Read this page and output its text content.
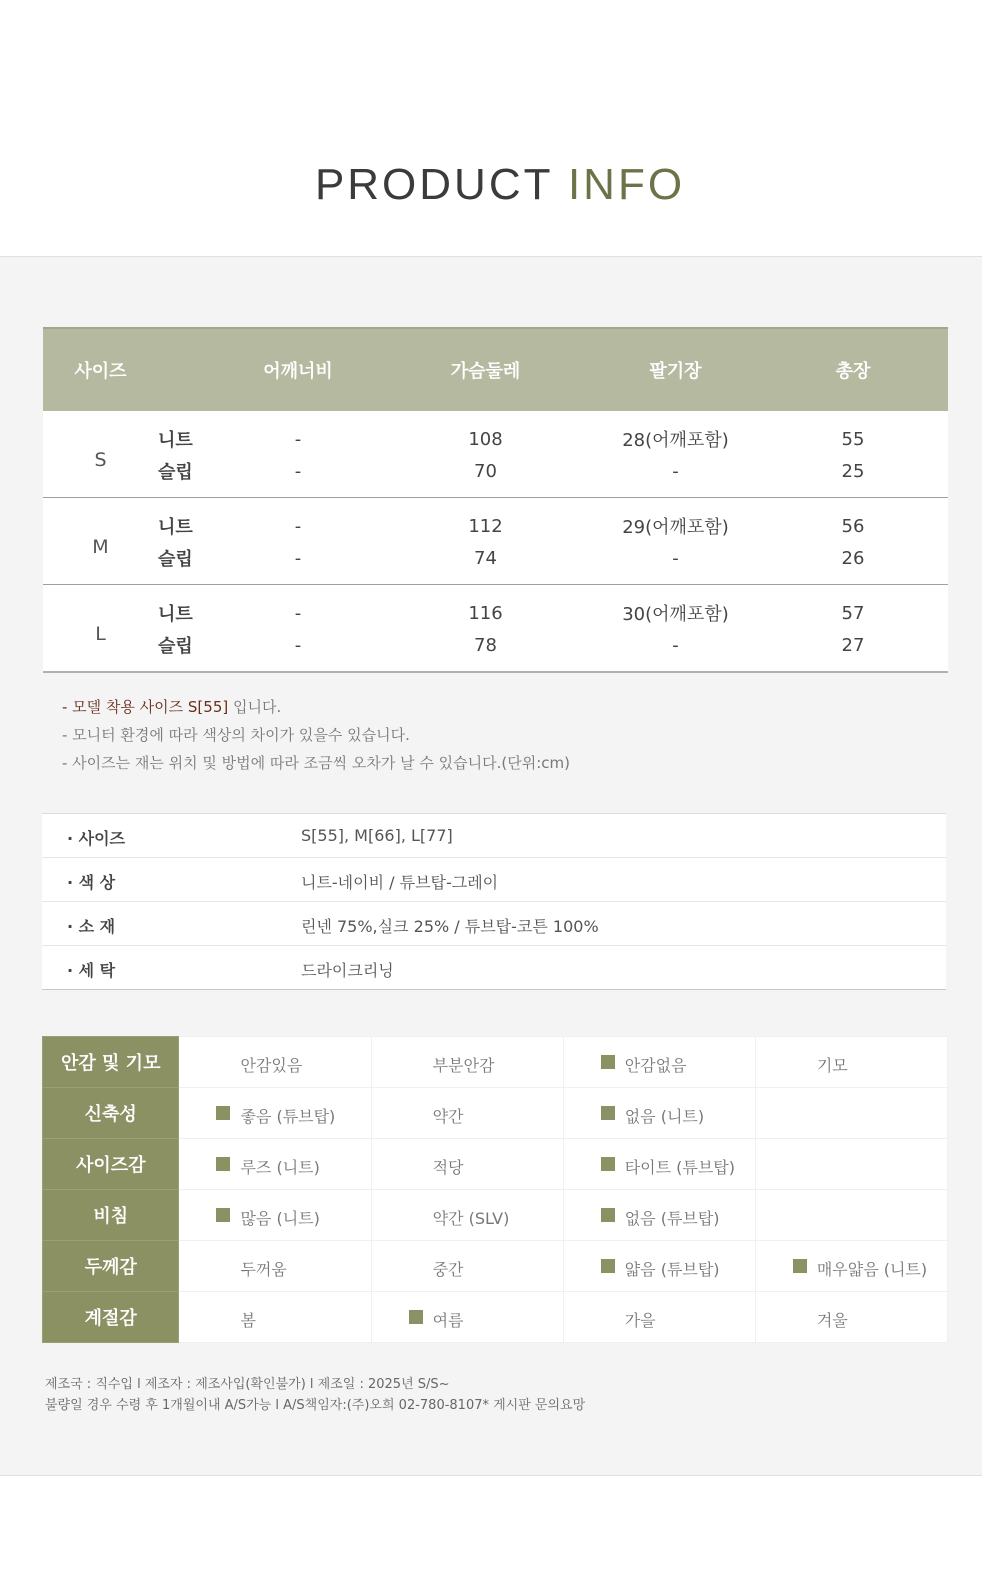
PRODUCT INFO
사이즈		어깨너비	가슴둘레	팔기장	총장
S	니트	-	108	28(어깨포함)	55
	슬립	-	70	-	25
M	니트	-	112	29(어깨포함)	56
	슬립	-	74	-	26
L	니트	-	116	30(어깨포함)	57
	슬립	-	78	-	27
- 모델 착용 사이즈 S[55] 입니다.
- 모니터 환경에 따라 색상의 차이가 있을수 있습니다.
- 사이즈는 재는 위치 및 방법에 따라 조금씩 오차가 날 수 있습니다.(단위:cm)
· 사이즈	S[55], M[66], L[77]
· 색 상	니트-네이비 / 튜브탑-그레이
· 소 재	린넨 75%,실크 25% / 튜브탑-코튼 100%
· 세 탁	드라이크리닝
안감 및 기모	안감있음	부분안감	안감없음	기모

신축성	좋음 (튜브탑)	약간	없음 (니트)	

사이즈감	루즈 (니트)	적당	타이트 (튜브탑)	

비침	많음 (니트)	약간 (SLV)	없음 (튜브탑)	

두께감	두꺼움	중간	얇음 (튜브탑)	매우얇음 (니트)

계절감	봄	여름	가을	겨울
제조국 : 직수입 l 제조자 : 제조사입(확인불가) l 제조일 : 2025년 S/S~
불량일 경우 수령 후 1개월이내 A/S가능 l A/S책임자:(주)오희 02-780-8107* 게시판 문의요망
